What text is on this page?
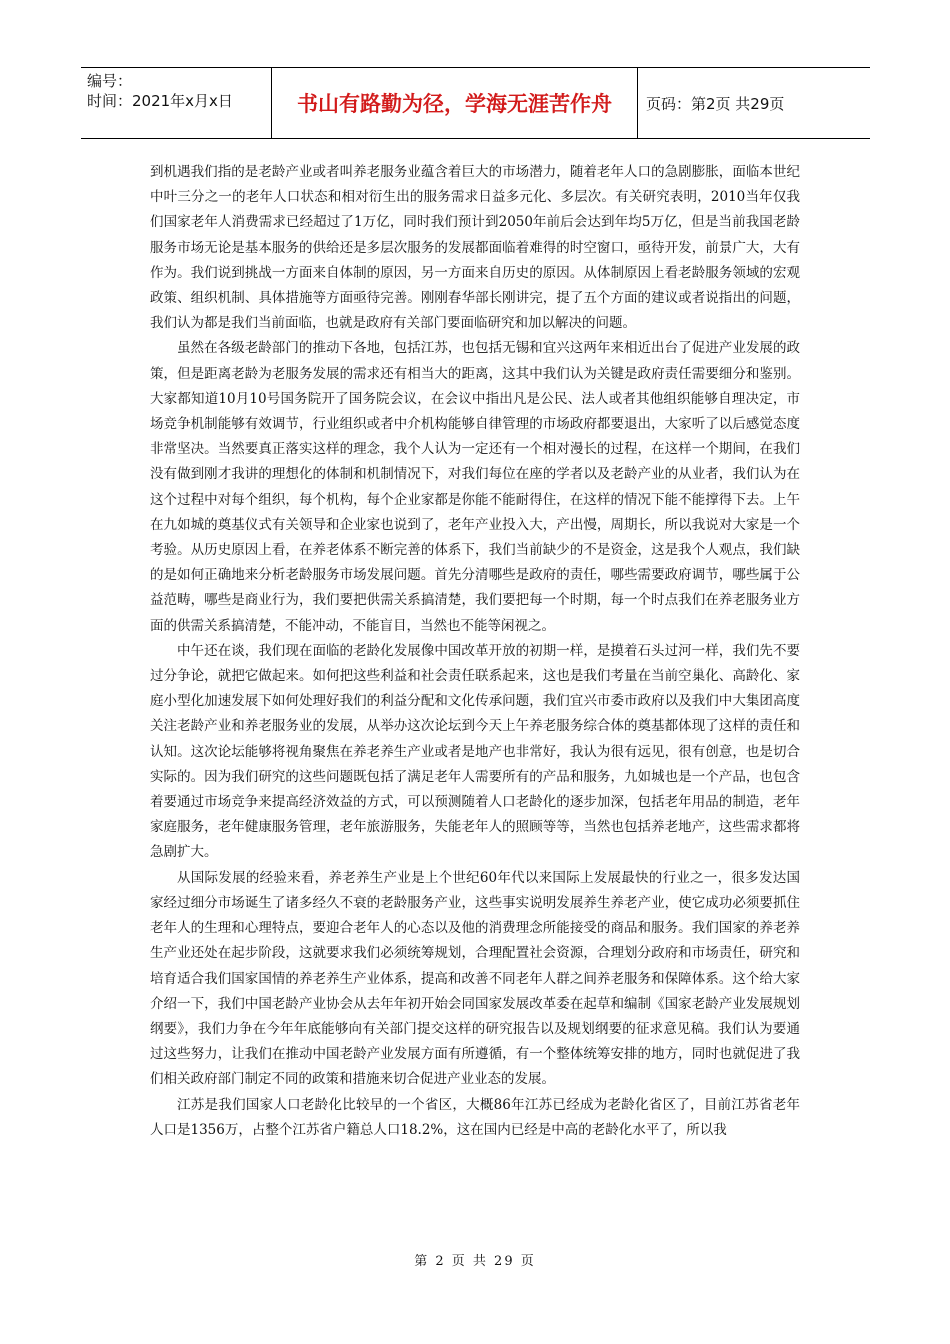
编号：
时间：2021年x月x日	书山有路勤为径，学海无涯苦作舟	页码：第2页 共29页

到机遇我们指的是老龄产业或者叫养老服务业蕴含着巨大的市场潜力，随着老年人口的急剧膨胀，面临本世纪中叶三分之一的老年人口状态和相对衍生出的服务需求日益多元化、多层次。有关研究表明，2010当年仅我们国家老年人消费需求已经超过了1万亿，同时我们预计到2050年前后会达到年均5万亿，但是当前我国老龄服务市场无论是基本服务的供给还是多层次服务的发展都面临着难得的时空窗口，亟待开发，前景广大，大有作为。我们说到挑战一方面来自体制的原因，另一方面来自历史的原因。从体制原因上看老龄服务领域的宏观政策、组织机制、具体措施等方面亟待完善。刚刚春华部长刚讲完，提了五个方面的建议或者说指出的问题，我们认为都是我们当前面临，也就是政府有关部门要面临研究和加以解决的问题。

虽然在各级老龄部门的推动下各地，包括江苏，也包括无锡和宜兴这两年来相近出台了促进产业发展的政策，但是距离老龄为老服务发展的需求还有相当大的距离，这其中我们认为关键是政府责任需要细分和鉴别。大家都知道10月10号国务院开了国务院会议，在会议中指出凡是公民、法人或者其他组织能够自理决定，市场竞争机制能够有效调节，行业组织或者中介机构能够自律管理的市场政府都要退出，大家听了以后感觉态度非常坚决。当然要真正落实这样的理念，我个人认为一定还有一个相对漫长的过程，在这样一个期间，在我们没有做到刚才我讲的理想化的体制和机制情况下，对我们每位在座的学者以及老龄产业的从业者，我们认为在这个过程中对每个组织，每个机构，每个企业家都是你能不能耐得住，在这样的情况下能不能撑得下去。上午在九如城的奠基仪式有关领导和企业家也说到了，老年产业投入大，产出慢，周期长，所以我说对大家是一个考验。从历史原因上看，在养老体系不断完善的体系下，我们当前缺少的不是资金，这是我个人观点，我们缺的是如何正确地来分析老龄服务市场发展问题。首先分清哪些是政府的责任，哪些需要政府调节，哪些属于公益范畴，哪些是商业行为，我们要把供需关系搞清楚，我们要把每一个时期，每一个时点我们在养老服务业方面的供需关系搞清楚，不能冲动，不能盲目，当然也不能等闲视之。

中午还在谈，我们现在面临的老龄化发展像中国改革开放的初期一样，是摸着石头过河一样，我们先不要过分争论，就把它做起来。如何把这些利益和社会责任联系起来，这也是我们考量在当前空巢化、高龄化、家庭小型化加速发展下如何处理好我们的利益分配和文化传承问题，我们宜兴市委市政府以及我们中大集团高度关注老龄产业和养老服务业的发展，从举办这次论坛到今天上午养老服务综合体的奠基都体现了这样的责任和认知。这次论坛能够将视角聚焦在养老养生产业或者是地产也非常好，我认为很有远见，很有创意，也是切合实际的。因为我们研究的这些问题既包括了满足老年人需要所有的产品和服务，九如城也是一个产品，也包含着要通过市场竞争来提高经济效益的方式，可以预测随着人口老龄化的逐步加深，包括老年用品的制造，老年家庭服务，老年健康服务管理，老年旅游服务，失能老年人的照顾等等，当然也包括养老地产，这些需求都将急剧扩大。

从国际发展的经验来看，养老养生产业是上个世纪60年代以来国际上发展最快的行业之一，很多发达国家经过细分市场诞生了诸多经久不衰的老龄服务产业，这些事实说明发展养生养老产业，使它成功必须要抓住老年人的生理和心理特点，要迎合老年人的心态以及他的消费理念所能接受的商品和服务。我们国家的养老养生产业还处在起步阶段，这就要求我们必须统筹规划，合理配置社会资源，合理划分政府和市场责任，研究和培育适合我们国家国情的养老养生产业体系，提高和改善不同老年人群之间养老服务和保障体系。这个给大家介绍一下，我们中国老龄产业协会从去年年初开始会同国家发展改革委在起草和编制《国家老龄产业发展规划纲要》，我们力争在今年年底能够向有关部门提交这样的研究报告以及规划纲要的征求意见稿。我们认为要通过这些努力，让我们在推动中国老龄产业发展方面有所遵循，有一个整体统筹安排的地方，同时也就促进了我们相关政府部门制定不同的政策和措施来切合促进产业业态的发展。

江苏是我们国家人口老龄化比较早的一个省区，大概86年江苏已经成为老龄化省区了，目前江苏省老年人口是1356万，占整个江苏省户籍总人口18.2%，这在国内已经是中高的老龄化水平了，所以我

第 2 页 共 29 页
